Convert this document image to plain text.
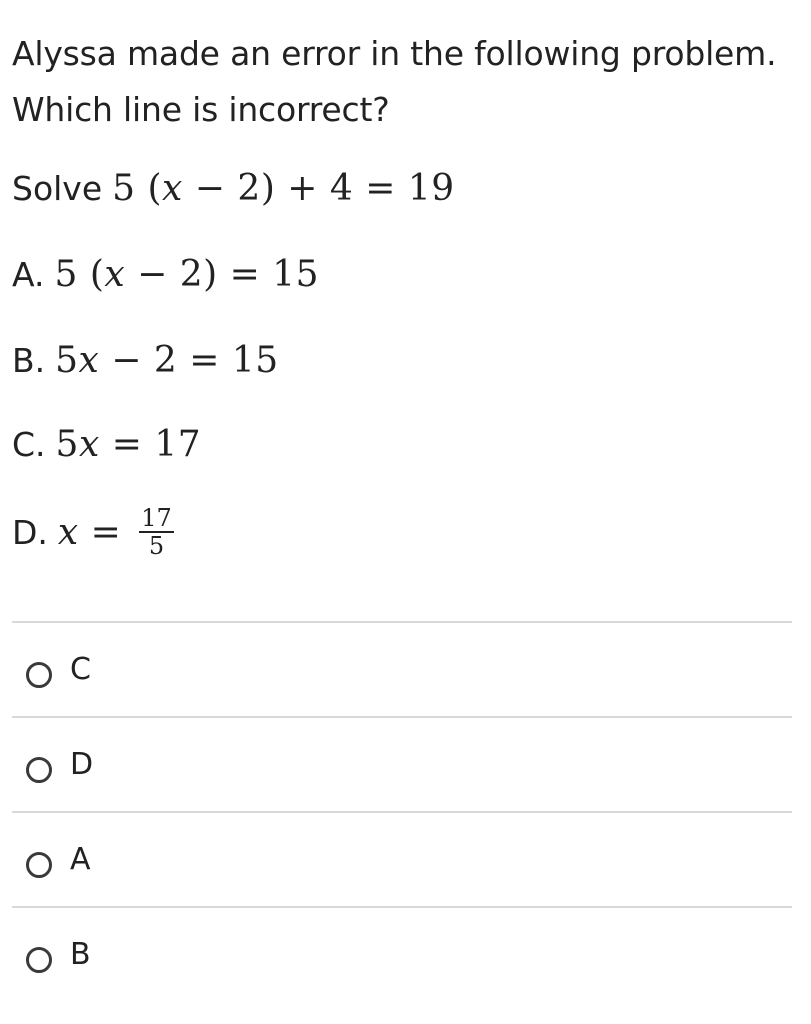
Alyssa made an error in the following problem.
Which line is incorrect?
Solve 5 (x − 2) + 4 = 19
A. 5 (x − 2) = 15
B. 5x − 2 = 15
C. 5x = 17
D. $x = \frac{17}{5}$
C
D
A
B
